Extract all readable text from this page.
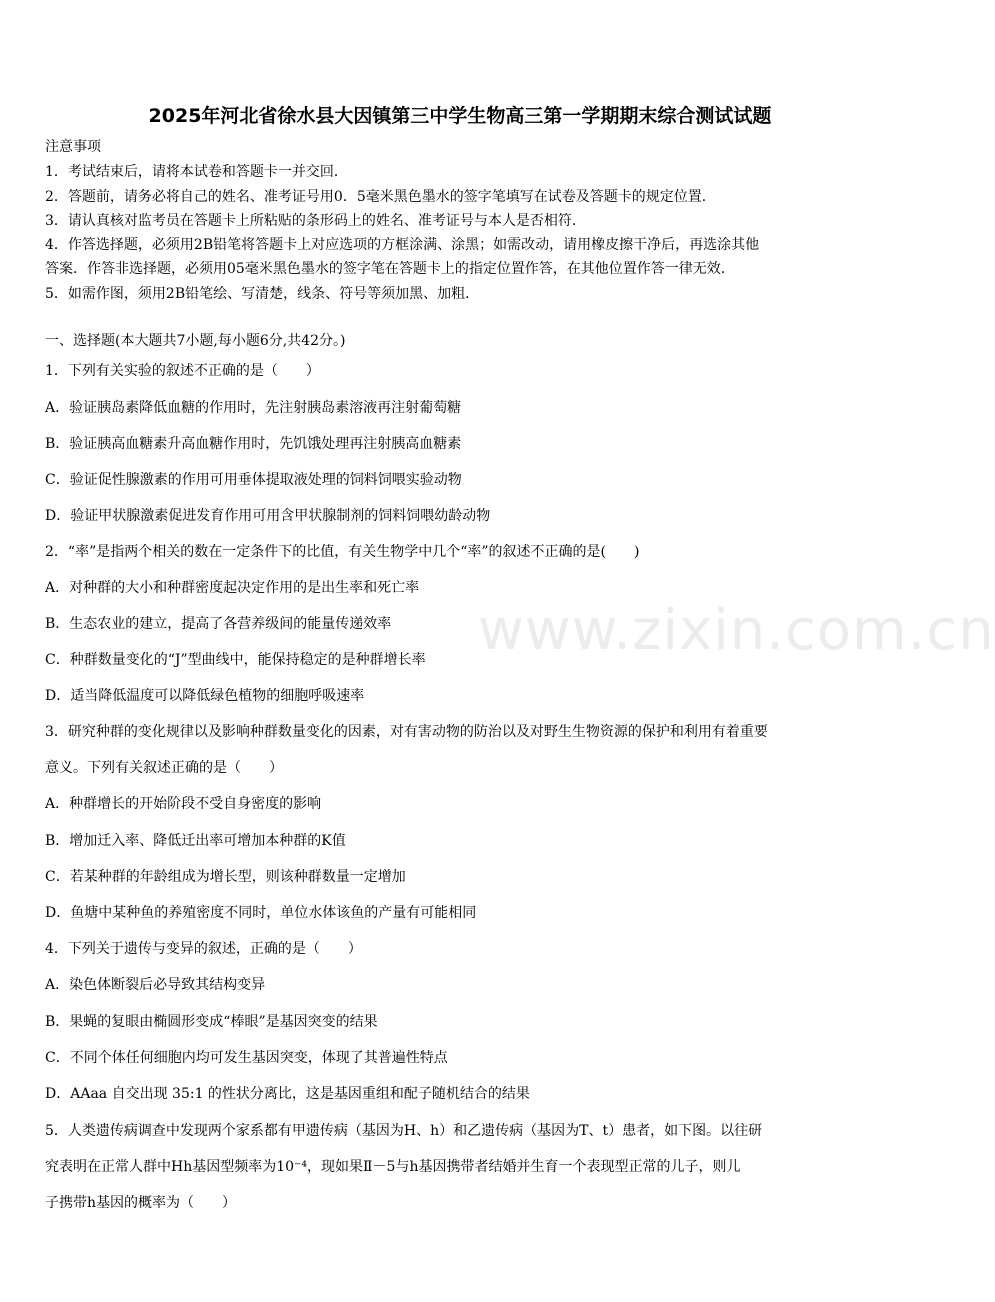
2025年河北省徐水县大因镇第三中学生物高三第一学期期末综合测试试题
注意事项
1．考试结束后，请将本试卷和答题卡一并交回．
2．答题前，请务必将自己的姓名、准考证号用0．5毫米黑色墨水的签字笔填写在试卷及答题卡的规定位置．
3．请认真核对监考员在答题卡上所粘贴的条形码上的姓名、准考证号与本人是否相符．
4．作答选择题，必须用2B铅笔将答题卡上对应选项的方框涂满、涂黑；如需改动，请用橡皮擦干净后，再选涂其他
答案．作答非选择题，必须用05毫米黑色墨水的签字笔在答题卡上的指定位置作答，在其他位置作答一律无效．
5．如需作图，须用2B铅笔绘、写清楚，线条、符号等须加黑、加粗．
一、选择题(本大题共7小题,每小题6分,共42分。)
1．下列有关实验的叙述不正确的是（　　）
A．验证胰岛素降低血糖的作用时，先注射胰岛素溶液再注射葡萄糖
B．验证胰高血糖素升高血糖作用时，先饥饿处理再注射胰高血糖素
C．验证促性腺激素的作用可用垂体提取液处理的饲料饲喂实验动物
D．验证甲状腺激素促进发育作用可用含甲状腺制剂的饲料饲喂幼龄动物
2．“率”是指两个相关的数在一定条件下的比值，有关生物学中几个“率”的叙述不正确的是(　　)
A．对种群的大小和种群密度起决定作用的是出生率和死亡率
B．生态农业的建立，提高了各营养级间的能量传递效率
C．种群数量变化的“J”型曲线中，能保持稳定的是种群增长率
D．适当降低温度可以降低绿色植物的细胞呼吸速率
3．研究种群的变化规律以及影响种群数量变化的因素，对有害动物的防治以及对野生生物资源的保护和利用有着重要
意义。下列有关叙述正确的是（　　）
A．种群增长的开始阶段不受自身密度的影响
B．增加迁入率、降低迁出率可增加本种群的K值
C．若某种群的年龄组成为增长型，则该种群数量一定增加
D．鱼塘中某种鱼的养殖密度不同时，单位水体该鱼的产量有可能相同
4．下列关于遗传与变异的叙述，正确的是（　　）
A．染色体断裂后必导致其结构变异
B．果蝇的复眼由椭圆形变成“棒眼”是基因突变的结果
C．不同个体任何细胞内均可发生基因突变，体现了其普遍性特点
D．AAaa 自交出现 35:1 的性状分离比，这是基因重组和配子随机结合的结果
5．人类遗传病调查中发现两个家系都有甲遗传病（基因为H、h）和乙遗传病（基因为T、t）患者，如下图。以往研
究表明在正常人群中Hh基因型频率为10⁻⁴，现如果Ⅱ－5与h基因携带者结婚并生育一个表现型正常的儿子，则儿
子携带h基因的概率为（　　）
www.zixin.com.cn
